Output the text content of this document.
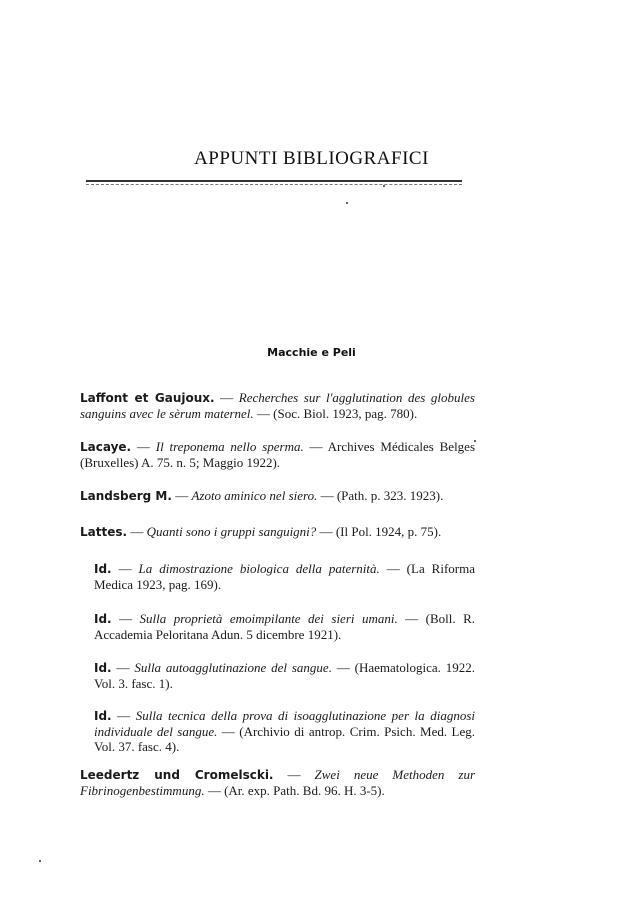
APPUNTI BIBLIOGRAFICI
Macchie e Peli
Laffont et Gaujoux. — Recherches sur l'agglutination des globules sanguins avec le sèrum maternel. — (Soc. Biol. 1923, pag. 780).
Lacaye. — Il treponema nello sperma. — Archives Médicales Belges (Bruxelles) A. 75. n. 5; Maggio 1922).
Landsberg M. — Azoto aminico nel siero. — (Path. p. 323. 1923).
Lattes. — Quanti sono i gruppi sanguigni? — (Il Pol. 1924, p. 75).
Id. — La dimostrazione biologica della paternità. — (La Riforma Medica 1923, pag. 169).
Id. — Sulla proprietà emoimpilante dei sieri umani. — (Boll. R. Accademia Peloritana Adun. 5 dicembre 1921).
Id. — Sulla autoagglutinazione del sangue. — (Haematologica. 1922. Vol. 3. fasc. 1).
Id. — Sulla tecnica della prova di isoagglutinazione per la diagnosi individuale del sangue. — (Archivio di antrop. Crim. Psich. Med. Leg. Vol. 37. fasc. 4).
Leedertz und Cromelscki. — Zwei neue Methoden zur Fibrinogenbestimmung. — (Ar. exp. Path. Bd. 96. H. 3-5).
